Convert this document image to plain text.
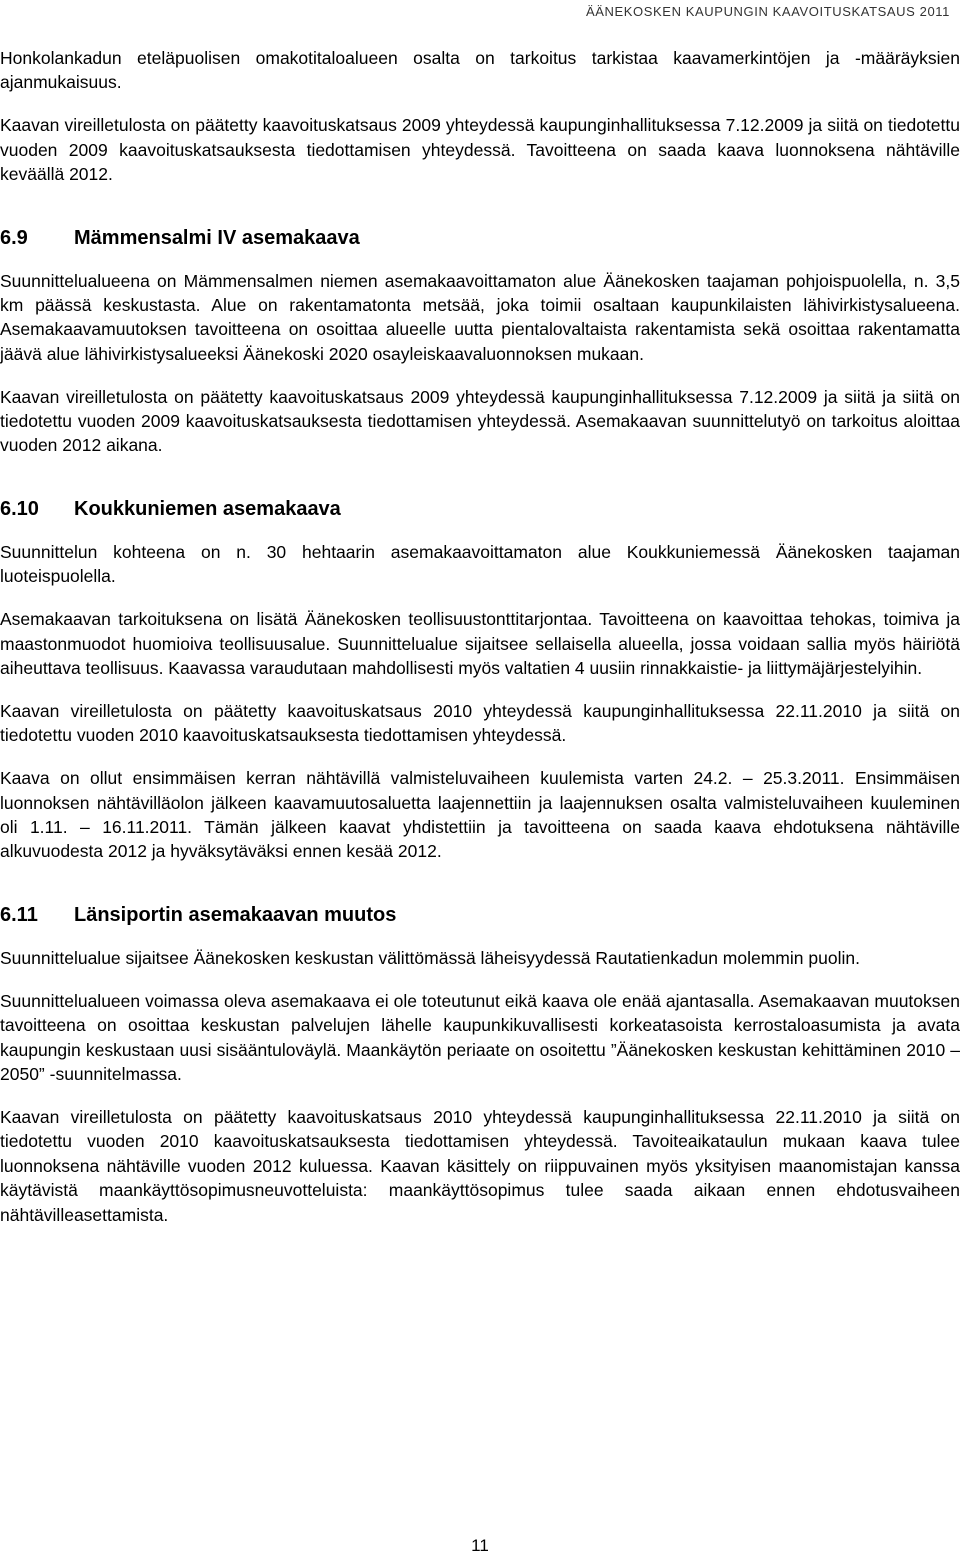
ÄÄNEKOSKEN KAUPUNGIN KAAVOITUSKATSAUS 2011

Honkolankadun eteläpuolisen omakotitaloalueen osalta on tarkoitus tarkistaa kaavamerkintöjen ja -määräyksien ajanmukaisuus.

Kaavan vireilletulosta on päätetty kaavoituskatsaus 2009 yhteydessä kaupunginhallituksessa 7.12.2009 ja siitä on tiedotettu vuoden 2009 kaavoituskatsauksesta tiedottamisen yhteydessä. Tavoitteena on saada kaava luonnoksena nähtäville keväällä 2012.

6.9 Mämmensalmi IV asemakaava

Suunnittelualueena on Mämmensalmen niemen asemakaavoittamaton alue Äänekosken taajaman pohjoispuolella, n. 3,5 km päässä keskustasta. Alue on rakentamatonta metsää, joka toimii osaltaan kaupunkilaisten lähivirkistysalueena. Asemakaavamuutoksen tavoitteena on osoittaa alueelle uutta pientalovaltaista rakentamista sekä osoittaa rakentamatta jäävä alue lähivirkistysalueeksi Äänekoski 2020 osayleiskaavaluonnoksen mukaan.

Kaavan vireilletulosta on päätetty kaavoituskatsaus 2009 yhteydessä kaupunginhallituksessa 7.12.2009 ja siitä ja siitä on tiedotettu vuoden 2009 kaavoituskatsauksesta tiedottamisen yhteydessä. Asemakaavan suunnittelutyö on tarkoitus aloittaa vuoden 2012 aikana.

6.10 Koukkuniemen asemakaava

Suunnittelun kohteena on n. 30 hehtaarin asemakaavoittamaton alue Koukkuniemessä Äänekosken taajaman luoteispuolella.

Asemakaavan tarkoituksena on lisätä Äänekosken teollisuustonttitarjontaa. Tavoitteena on kaavoittaa tehokas, toimiva ja maastonmuodot huomioiva teollisuusalue. Suunnittelualue sijaitsee sellaisella alueella, jossa voidaan sallia myös häiriötä aiheuttava teollisuus. Kaavassa varaudutaan mahdollisesti myös valtatien 4 uusiin rinnakkaistie- ja liittymäjärjestelyihin.

Kaavan vireilletulosta on päätetty kaavoituskatsaus 2010 yhteydessä kaupunginhallituksessa 22.11.2010 ja siitä on tiedotettu vuoden 2010 kaavoituskatsauksesta tiedottamisen yhteydessä.

Kaava on ollut ensimmäisen kerran nähtävillä valmisteluvaiheen kuulemista varten 24.2. – 25.3.2011. Ensimmäisen luonnoksen nähtävilläolon jälkeen kaavamuutosaluetta laajennettiin ja laajennuksen osalta valmisteluvaiheen kuuleminen oli 1.11. – 16.11.2011. Tämän jälkeen kaavat yhdistettiin ja tavoitteena on saada kaava ehdotuksena nähtäville alkuvuodesta 2012 ja hyväksytäväksi ennen kesää 2012.

6.11 Länsiportin asemakaavan muutos

Suunnittelualue sijaitsee Äänekosken keskustan välittömässä läheisyydessä Rautatienkadun molemmin puolin.

Suunnittelualueen voimassa oleva asemakaava ei ole toteutunut eikä kaava ole enää ajantasalla. Asemakaavan muutoksen tavoitteena on osoittaa keskustan palvelujen lähelle kaupunkikuvallisesti korkeatasoista kerrostaloasumista ja avata kaupungin keskustaan uusi sisääntuloväylä. Maankäytön periaate on osoitettu ”Äänekosken keskustan kehittäminen 2010 – 2050” -suunnitelmassa.

Kaavan vireilletulosta on päätetty kaavoituskatsaus 2010 yhteydessä kaupunginhallituksessa 22.11.2010 ja siitä on tiedotettu vuoden 2010 kaavoituskatsauksesta tiedottamisen yhteydessä. Tavoiteaikataulun mukaan kaava tulee luonnoksena nähtäville vuoden 2012 kuluessa. Kaavan käsittely on riippuvainen myös yksityisen maanomistajan kanssa käytävistä maankäyttösopimusneuvotteluista: maankäyttösopimus tulee saada aikaan ennen ehdotusvaiheen nähtävilleasettamista.

11
